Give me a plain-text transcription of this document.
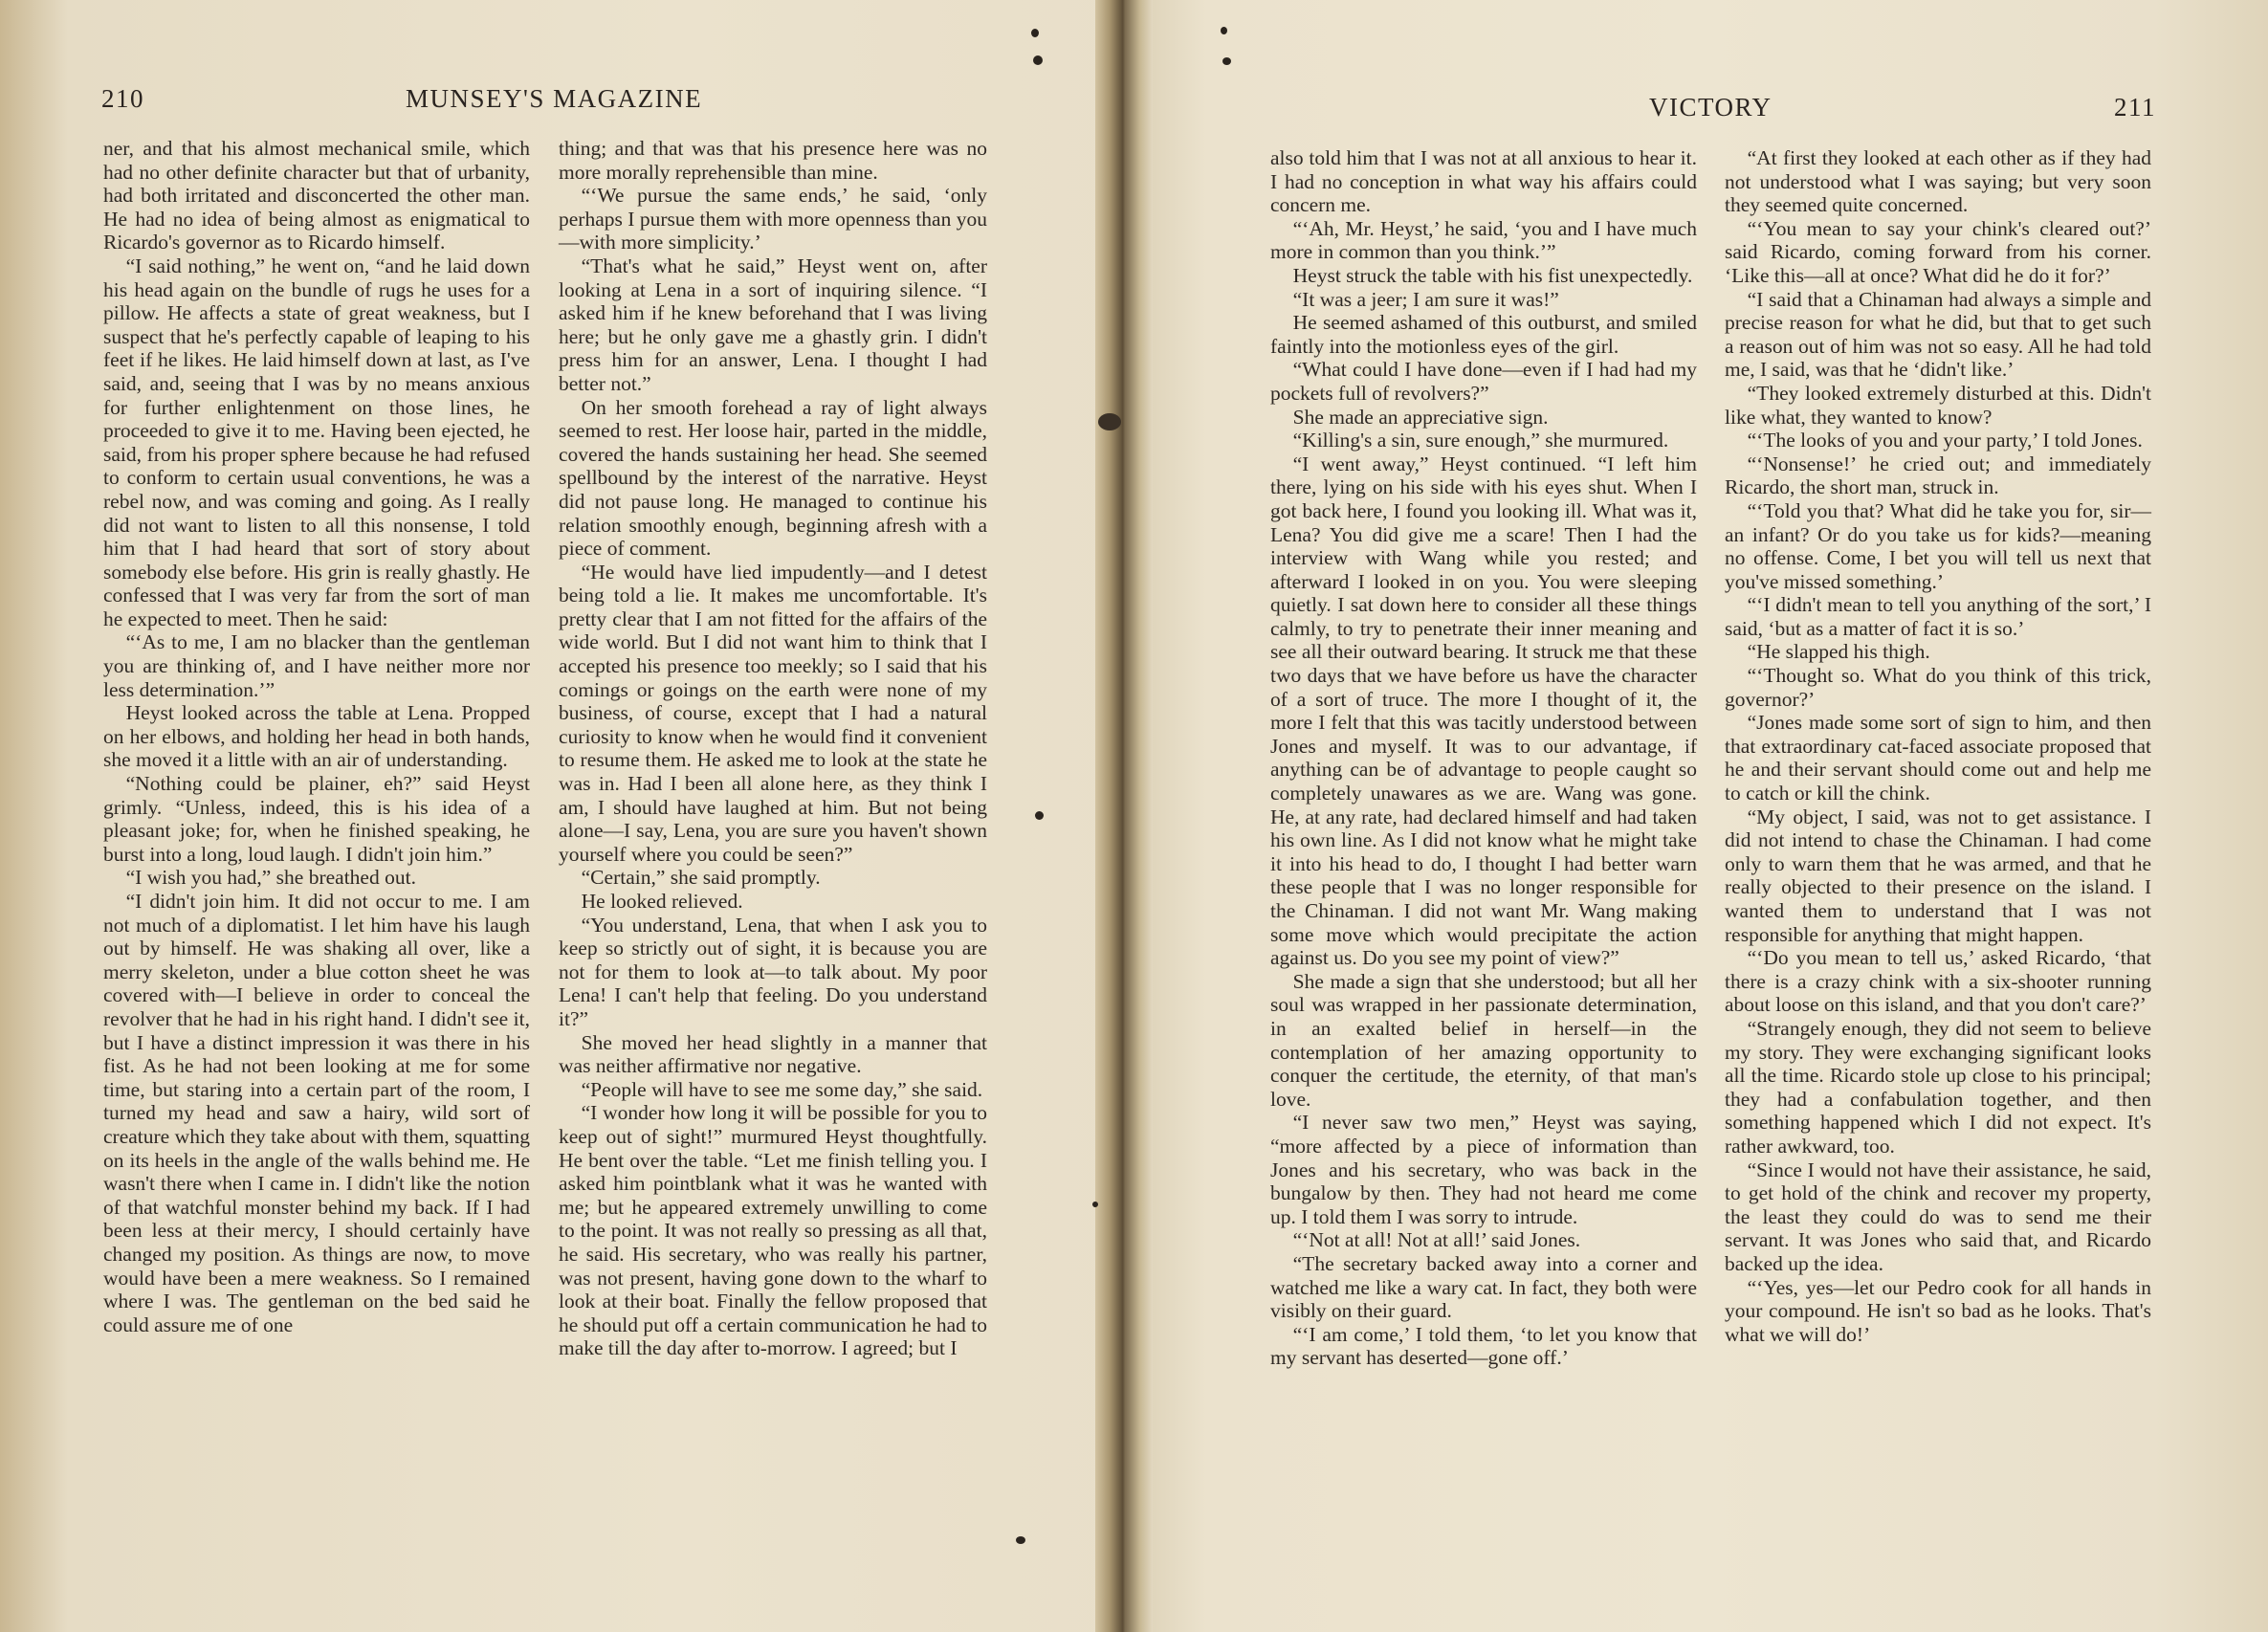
210	MUNSEY'S MAGAZINE	VICTORY	211

ner, and that his almost mechanical smile, which had no other definite character but that of urbanity, had both irritated and disconcerted the other man. He had no idea of being almost as enigmatical to Ricardo's governor as to Ricardo himself.

“I said nothing,” he went on, “and he laid down his head again on the bundle of rugs he uses for a pillow. He affects a state of great weakness, but I suspect that he's perfectly capable of leaping to his feet if he likes. He laid himself down at last, as I've said, and, seeing that I was by no means anxious for further enlightenment on those lines, he proceeded to give it to me. Having been ejected, he said, from his proper sphere because he had refused to conform to certain usual conventions, he was a rebel now, and was coming and going. As I really did not want to listen to all this nonsense, I told him that I had heard that sort of story about somebody else before. His grin is really ghastly. He confessed that I was very far from the sort of man he expected to meet. Then he said:

“‘As to me, I am no blacker than the gentleman you are thinking of, and I have neither more nor less determination.’”

Heyst looked across the table at Lena. Propped on her elbows, and holding her head in both hands, she moved it a little with an air of understanding.

“Nothing could be plainer, eh?” said Heyst grimly. “Unless, indeed, this is his idea of a pleasant joke; for, when he finished speaking, he burst into a long, loud laugh. I didn't join him.”

“I wish you had,” she breathed out.

“I didn't join him. It did not occur to me. I am not much of a diplomatist. I let him have his laugh out by himself. He was shaking all over, like a merry skeleton, under a blue cotton sheet he was covered with—I believe in order to conceal the revolver that he had in his right hand. I didn't see it, but I have a distinct impression it was there in his fist. As he had not been looking at me for some time, but staring into a certain part of the room, I turned my head and saw a hairy, wild sort of creature which they take about with them, squatting on its heels in the angle of the walls behind me. He wasn't there when I came in. I didn't like the notion of that watchful monster behind my back. If I had been less at their mercy, I should certainly have changed my position. As things are now, to move would have been a mere weakness. So I remained where I was. The gentleman on the bed said he could assure me of one

thing; and that was that his presence here was no more morally reprehensible than mine.

“‘We pursue the same ends,’ he said, ‘only perhaps I pursue them with more openness than you—with more simplicity.’

“That's what he said,” Heyst went on, after looking at Lena in a sort of inquiring silence. “I asked him if he knew beforehand that I was living here; but he only gave me a ghastly grin. I didn't press him for an answer, Lena. I thought I had better not.”

On her smooth forehead a ray of light always seemed to rest. Her loose hair, parted in the middle, covered the hands sustaining her head. She seemed spellbound by the interest of the narrative. Heyst did not pause long. He managed to continue his relation smoothly enough, beginning afresh with a piece of comment.

“He would have lied impudently—and I detest being told a lie. It makes me uncomfortable. It's pretty clear that I am not fitted for the affairs of the wide world. But I did not want him to think that I accepted his presence too meekly; so I said that his comings or goings on the earth were none of my business, of course, except that I had a natural curiosity to know when he would find it convenient to resume them. He asked me to look at the state he was in. Had I been all alone here, as they think I am, I should have laughed at him. But not being alone—I say, Lena, you are sure you haven't shown yourself where you could be seen?”

“Certain,” she said promptly.

He looked relieved.

“You understand, Lena, that when I ask you to keep so strictly out of sight, it is because you are not for them to look at—to talk about. My poor Lena! I can't help that feeling. Do you understand it?”

She moved her head slightly in a manner that was neither affirmative nor negative.

“People will have to see me some day,” she said.

“I wonder how long it will be possible for you to keep out of sight!” murmured Heyst thoughtfully. He bent over the table. “Let me finish telling you. I asked him pointblank what it was he wanted with me; but he appeared extremely unwilling to come to the point. It was not really so pressing as all that, he said. His secretary, who was really his partner, was not present, having gone down to the wharf to look at their boat. Finally the fellow proposed that he should put off a certain communication he had to make till the day after to-morrow. I agreed; but I

also told him that I was not at all anxious to hear it. I had no conception in what way his affairs could concern me.

“‘Ah, Mr. Heyst,’ he said, ‘you and I have much more in common than you think.’”

Heyst struck the table with his fist unexpectedly.

“It was a jeer; I am sure it was!”

He seemed ashamed of this outburst, and smiled faintly into the motionless eyes of the girl.

“What could I have done—even if I had had my pockets full of revolvers?”

She made an appreciative sign.

“Killing's a sin, sure enough,” she murmured.

“I went away,” Heyst continued. “I left him there, lying on his side with his eyes shut. When I got back here, I found you looking ill. What was it, Lena? You did give me a scare! Then I had the interview with Wang while you rested; and afterward I looked in on you. You were sleeping quietly. I sat down here to consider all these things calmly, to try to penetrate their inner meaning and see all their outward bearing. It struck me that these two days that we have before us have the character of a sort of truce. The more I thought of it, the more I felt that this was tacitly understood between Jones and myself. It was to our advantage, if anything can be of advantage to people caught so completely unawares as we are. Wang was gone. He, at any rate, had declared himself and had taken his own line. As I did not know what he might take it into his head to do, I thought I had better warn these people that I was no longer responsible for the Chinaman. I did not want Mr. Wang making some move which would precipitate the action against us. Do you see my point of view?”

She made a sign that she understood; but all her soul was wrapped in her passionate determination, in an exalted belief in herself—in the contemplation of her amazing opportunity to conquer the certitude, the eternity, of that man's love.

“I never saw two men,” Heyst was saying, “more affected by a piece of information than Jones and his secretary, who was back in the bungalow by then. They had not heard me come up. I told them I was sorry to intrude.

“‘Not at all! Not at all!’ said Jones.

“The secretary backed away into a corner and watched me like a wary cat. In fact, they both were visibly on their guard.

“‘I am come,’ I told them, ‘to let you know that my servant has deserted—gone off.’

“At first they looked at each other as if they had not understood what I was saying; but very soon they seemed quite concerned.

“‘You mean to say your chink's cleared out?’ said Ricardo, coming forward from his corner. ‘Like this—all at once? What did he do it for?’

“I said that a Chinaman had always a simple and precise reason for what he did, but that to get such a reason out of him was not so easy. All he had told me, I said, was that he ‘didn't like.’

“They looked extremely disturbed at this. Didn't like what, they wanted to know?

“‘The looks of you and your party,’ I told Jones.

“‘Nonsense!’ he cried out; and immediately Ricardo, the short man, struck in.

“‘Told you that? What did he take you for, sir—an infant? Or do you take us for kids?—meaning no offense. Come, I bet you will tell us next that you've missed something.’

“‘I didn't mean to tell you anything of the sort,’ I said, ‘but as a matter of fact it is so.’

“He slapped his thigh.

“‘Thought so. What do you think of this trick, governor?’

“Jones made some sort of sign to him, and then that extraordinary cat-faced associate proposed that he and their servant should come out and help me to catch or kill the chink.

“My object, I said, was not to get assistance. I did not intend to chase the Chinaman. I had come only to warn them that he was armed, and that he really objected to their presence on the island. I wanted them to understand that I was not responsible for anything that might happen.

“‘Do you mean to tell us,’ asked Ricardo, ‘that there is a crazy chink with a six-shooter running about loose on this island, and that you don't care?’

“Strangely enough, they did not seem to believe my story. They were exchanging significant looks all the time. Ricardo stole up close to his principal; they had a confabulation together, and then something happened which I did not expect. It's rather awkward, too.

“Since I would not have their assistance, he said, to get hold of the chink and recover my property, the least they could do was to send me their servant. It was Jones who said that, and Ricardo backed up the idea.

“‘Yes, yes—let our Pedro cook for all hands in your compound. He isn't so bad as he looks. That's what we will do!’
